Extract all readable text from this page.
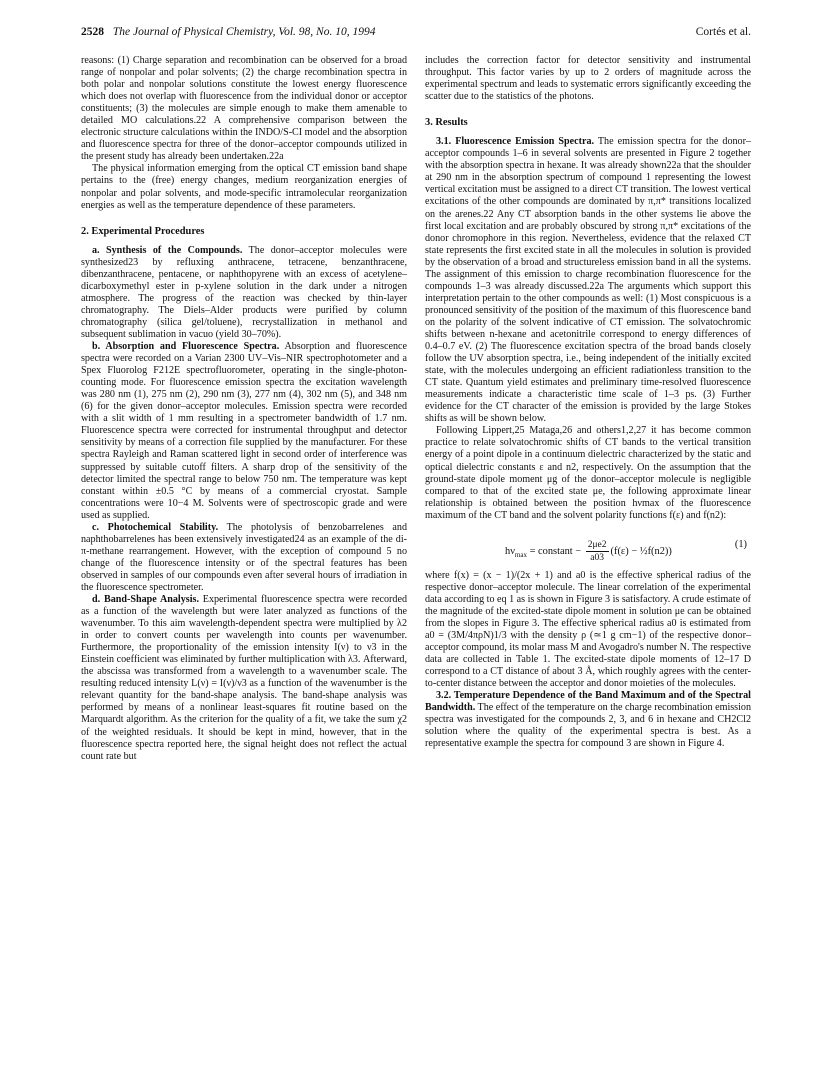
2528 The Journal of Physical Chemistry, Vol. 98, No. 10, 1994	Cortés et al.

reasons: (1) Charge separation and recombination can be observed for a broad range of nonpolar and polar solvents; (2) the charge recombination spectra in both polar and nonpolar solutions constitute the lowest energy fluorescence which does not overlap with fluorescence from the individual donor or acceptor constituents; (3) the molecules are simple enough to make them amenable to detailed MO calculations.22 A comprehensive comparison between the electronic structure calculations within the INDO/S-CI model and the absorption and fluorescence spectra for three of the donor–acceptor compounds utilized in the present study has already been undertaken.22a

The physical information emerging from the optical CT emission band shape pertains to the (free) energy changes, medium reorganization energies of nonpolar and polar solvents, and mode-specific intramolecular reorganization energies as well as the temperature dependence of these parameters.

2. Experimental Procedures

a. Synthesis of the Compounds. The donor–acceptor molecules were synthesized23 by refluxing anthracene, tetracene, benzanthracene, dibenzanthracene, pentacene, or naphthopyrene with an excess of acetylene–dicarboxymethyl ester in p-xylene solution in the dark under a nitrogen atmosphere. The progress of the reaction was checked by thin-layer chromatography. The Diels–Alder products were purified by column chromatography (silica gel/toluene), recrystallization in methanol and subsequent sublimation in vacuo (yield 30–70%).

b. Absorption and Fluorescence Spectra. Absorption and fluorescence spectra were recorded on a Varian 2300 UV–Vis–NIR spectrophotometer and a Spex Fluorolog F212E spectrofluorometer, operating in the single-photon-counting mode. For fluorescence emission spectra the excitation wavelength was 280 nm (1), 275 nm (2), 290 nm (3), 277 nm (4), 302 nm (5), and 348 nm (6) for the given donor–acceptor molecules. Emission spectra were recorded with a slit width of 1 mm resulting in a spectrometer bandwidth of 1.7 nm. Fluorescence spectra were corrected for instrumental throughput and detector sensitivity by means of a correction file supplied by the manufacturer. For these spectra Rayleigh and Raman scattered light in second order of interference was suppressed by suitable cutoff filters. A sharp drop of the sensitivity of the detector limited the spectral range to below 750 nm. The temperature was kept constant within ±0.5 °C by means of a commercial cryostat. Sample concentrations were 10−4 M. Solvents were of spectroscopic grade and were used as supplied.

c. Photochemical Stability. The photolysis of benzobarrelenes and naphthobarrelenes has been extensively investigated24 as an example of the di-π-methane rearrangement. However, with the exception of compound 5 no change of the fluorescence intensity or of the spectral features has been observed in samples of our compounds even after several hours of irradiation in the fluorescence spectrometer.

d. Band-Shape Analysis. Experimental fluorescence spectra were recorded as a function of the wavelength but were later analyzed as functions of the wavenumber. To this aim wavelength-dependent spectra were multiplied by λ2 in order to convert counts per wavelength into counts per wavenumber. Furthermore, the proportionality of the emission intensity I(ν) to ν3 in the Einstein coefficient was eliminated by further multiplication with λ3. Afterward, the abscissa was transformed from a wavelength to a wavenumber scale. The resulting reduced intensity L(ν) = I(ν)/ν3 as a function of the wavenumber is the relevant quantity for the band-shape analysis. The band-shape analysis was performed by means of a nonlinear least-squares fit routine based on the Marquardt algorithm. As the criterion for the quality of a fit, we take the sum χ2 of the weighted residuals. It should be kept in mind, however, that in the fluorescence spectra reported here, the signal height does not reflect the actual count rate but

includes the correction factor for detector sensitivity and instrumental throughput. This factor varies by up to 2 orders of magnitude across the experimental spectrum and leads to systematic errors significantly exceeding the scatter due to the statistics of the photons.

3. Results

3.1. Fluorescence Emission Spectra. The emission spectra for the donor–acceptor compounds 1–6 in several solvents are presented in Figure 2 together with the absorption spectra in hexane. It was already shown22a that the shoulder at 290 nm in the absorption spectrum of compound 1 representing the lowest vertical excitation must be assigned to a direct CT transition. The lowest vertical excitations of the other compounds are dominated by π,π* transitions localized on the arenes.22 Any CT absorption bands in the other systems lie above the first local excitation and are probably obscured by strong π,π* excitations of the donor chromophore in this region. Nevertheless, evidence that the relaxed CT state represents the first excited state in all the molecules in solution is provided by the observation of a broad and structureless emission band in all the systems. The assignment of this emission to charge recombination fluorescence for the compounds 1–3 was already discussed.22a The arguments which support this interpretation pertain to the other compounds as well: (1) Most conspicuous is a pronounced sensitivity of the position of the maximum of this fluorescence band on the polarity of the solvent indicative of CT emission. The solvatochromic shifts between n-hexane and acetonitrile correspond to energy differences of 0.4–0.7 eV. (2) The fluorescence excitation spectra of the broad bands closely follow the UV absorption spectra, i.e., being independent of the initially excited state, with the molecules undergoing an efficient radiationless transition to the CT state. Quantum yield estimates and preliminary time-resolved fluorescence measurements indicate a characteristic time scale of 1–3 ps. (3) Further evidence for the CT character of the emission is provided by the large Stokes shifts as will be shown below.

Following Lippert,25 Mataga,26 and others1,2,27 it has become common practice to relate solvatochromic shifts of CT bands to the vertical transition energy of a point dipole in a continuum dielectric characterized by the static and optical dielectric constants ε and n2, respectively. On the assumption that the ground-state dipole moment μg of the donor–acceptor molecule is negligible compared to that of the excited state μe, the following approximate linear relationship is obtained between the position hνmax of the fluorescence maximum of the CT band and the solvent polarity functions f(ε) and f(n2):

$h\nu_{max}$ = constant − $\frac{2\mu e2}{a03} (f(\varepsilon)$ − ½f(n2))
(1)

where f(x) = (x − 1)/(2x + 1) and a0 is the effective spherical radius of the respective donor–acceptor molecule. The linear correlation of the experimental data according to eq 1 as is shown in Figure 3 is satisfactory. A crude estimate of the magnitude of the excited-state dipole moment in solution μe can be obtained from the slopes in Figure 3. The effective spherical radius a0 is estimated from a0 = (3M/4πρN)1/3 with the density ρ (≃1 g cm−1) of the respective donor–acceptor compound, its molar mass M and Avogadro's number N. The respective data are collected in Table 1. The excited-state dipole moments of 12–17 D correspond to a CT distance of about 3 Å, which roughly agrees with the center-to-center distance between the acceptor and donor moieties of the molecules.

3.2. Temperature Dependence of the Band Maximum and of the Spectral Bandwidth. The effect of the temperature on the charge recombination emission spectra was investigated for the compounds 2, 3, and 6 in hexane and CH2Cl2 solution where the quality of the experimental spectra is best. As a representative example the spectra for compound 3 are shown in Figure 4.
